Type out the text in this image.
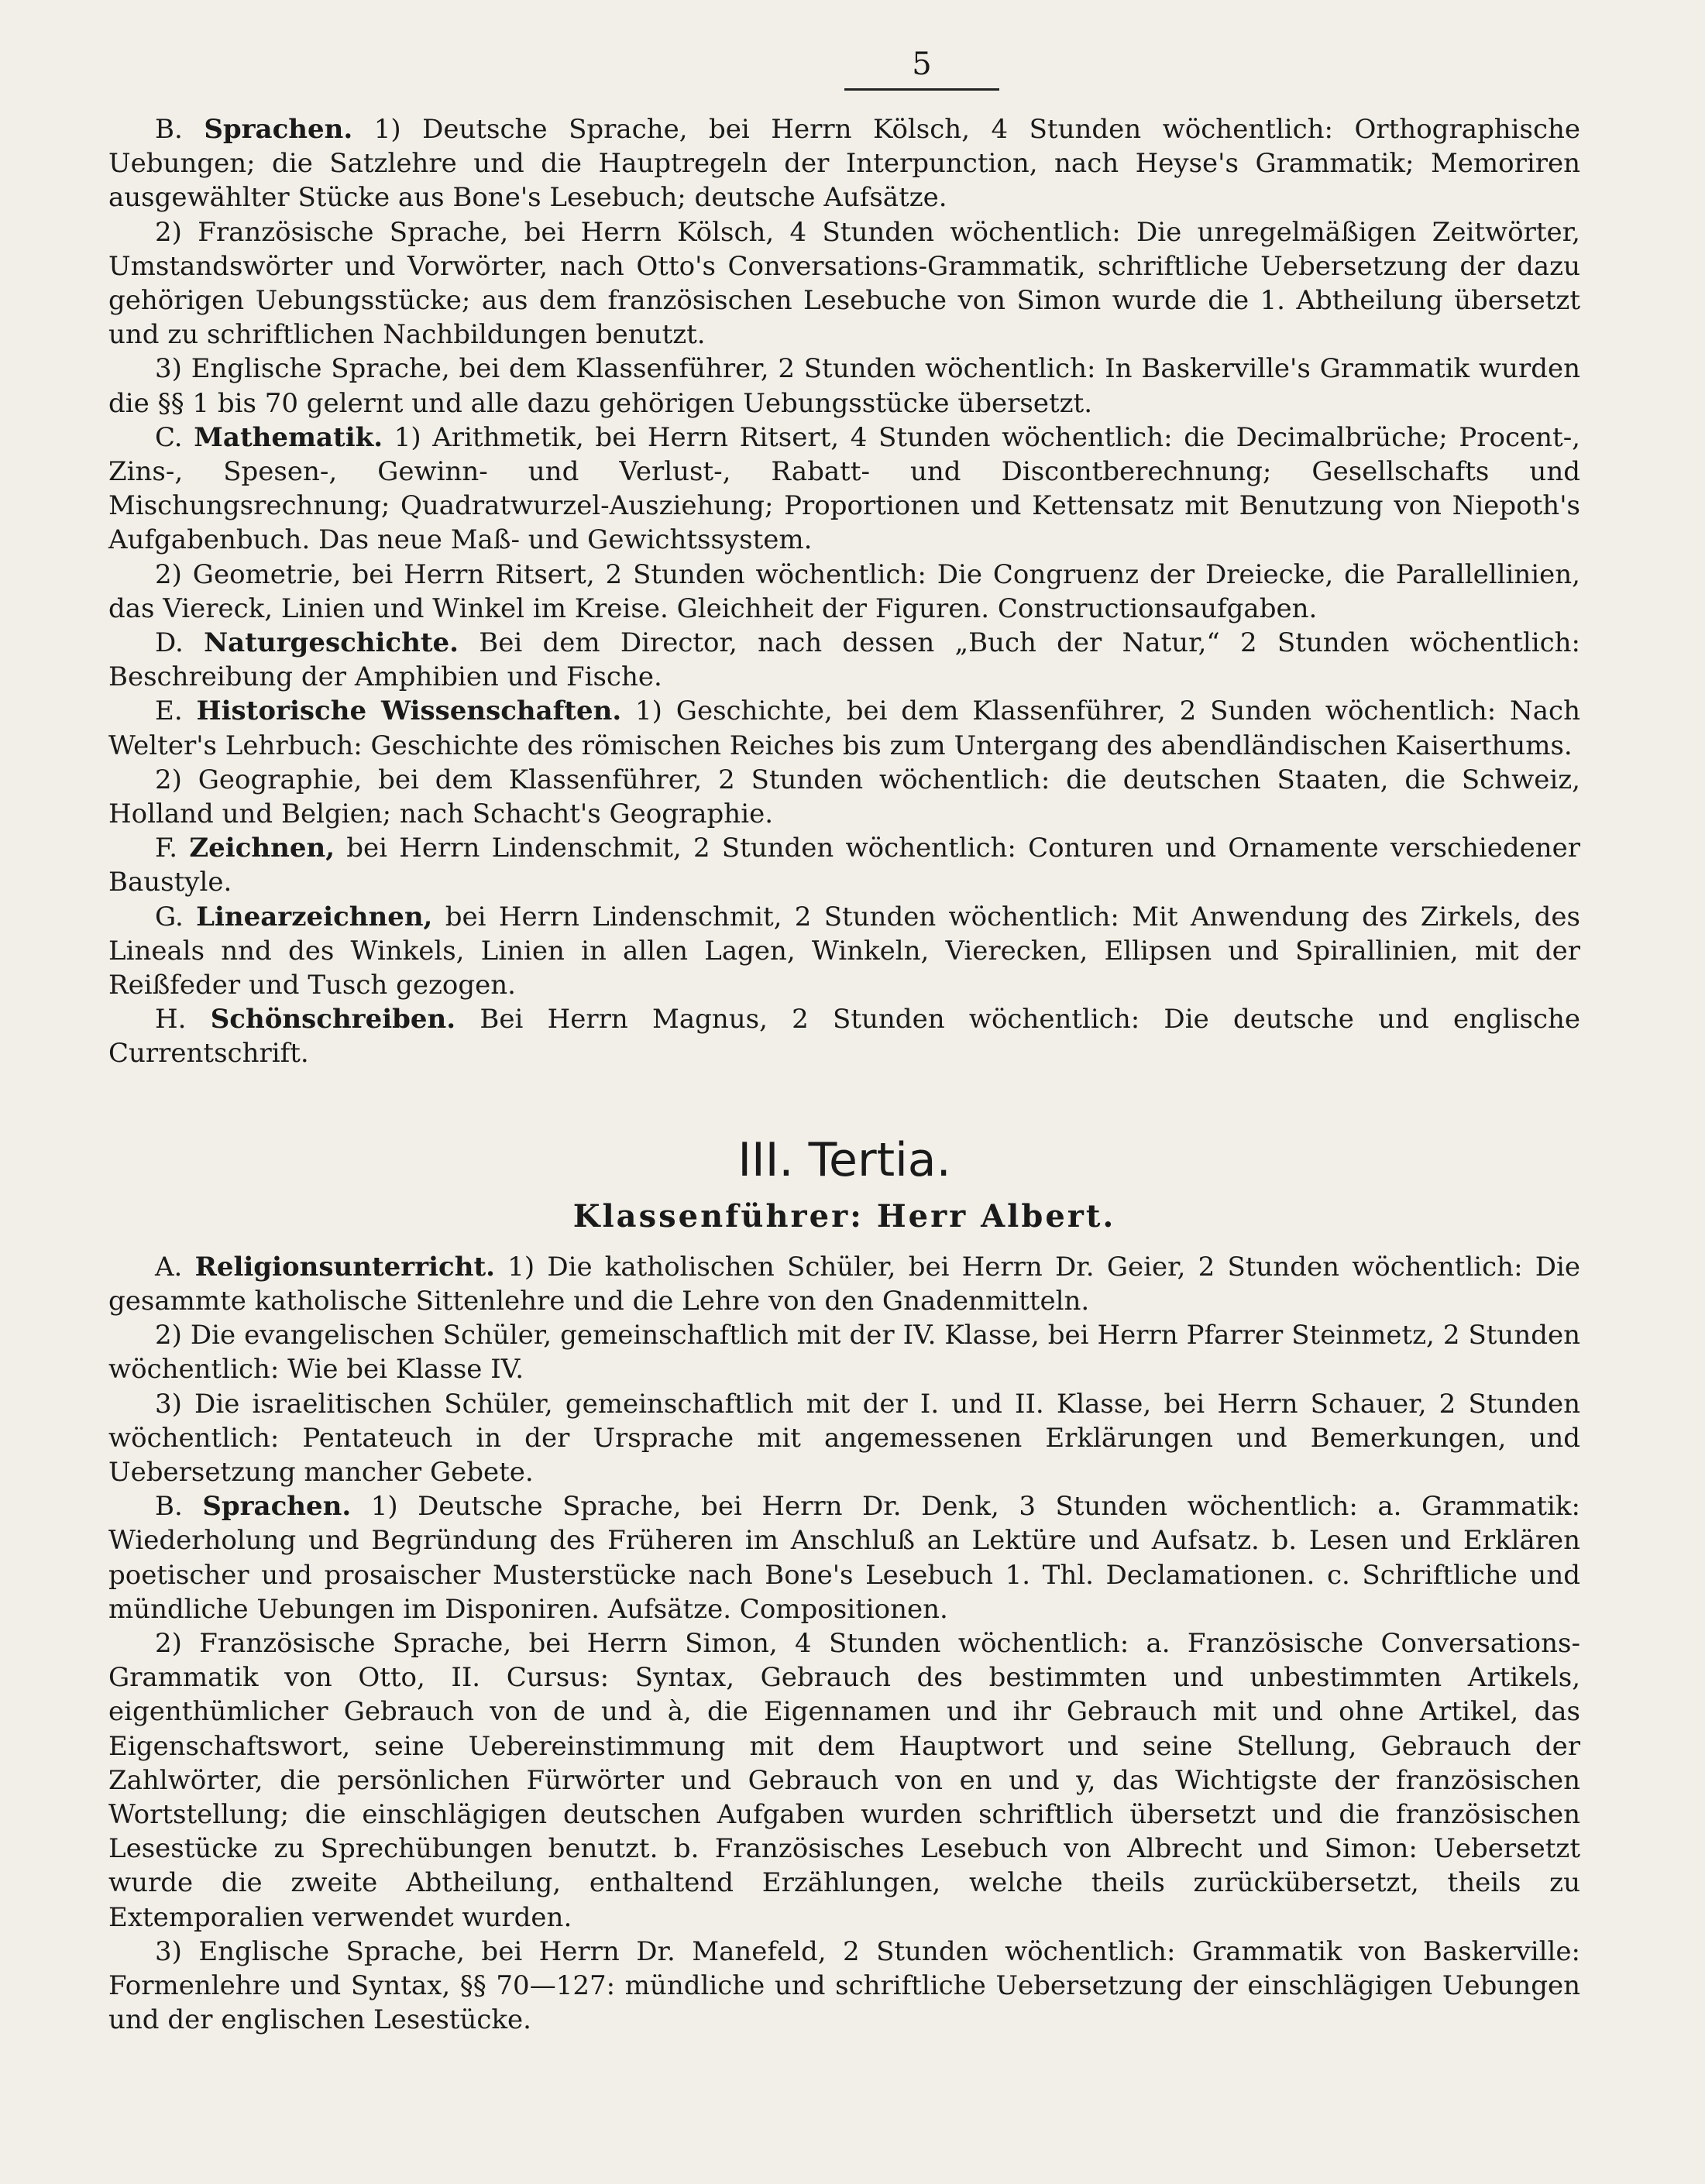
5

B. Sprachen. 1) Deutsche Sprache, bei Herrn Kölsch, 4 Stunden wöchentlich: Orthographische Uebungen; die Satzlehre und die Hauptregeln der Interpunction, nach Heyse's Grammatik; Memoriren ausgewählter Stücke aus Bone's Lesebuch; deutsche Aufsätze.

2) Französische Sprache, bei Herrn Kölsch, 4 Stunden wöchentlich: Die unregelmäßigen Zeitwörter, Umstandswörter und Vorwörter, nach Otto's Conversations-Grammatik, schriftliche Uebersetzung der dazu gehörigen Uebungsstücke; aus dem französischen Lesebuche von Simon wurde die 1. Abtheilung übersetzt und zu schriftlichen Nachbildungen benutzt.

3) Englische Sprache, bei dem Klassenführer, 2 Stunden wöchentlich: In Baskerville's Grammatik wurden die §§ 1 bis 70 gelernt und alle dazu gehörigen Uebungsstücke übersetzt.

C. Mathematik. 1) Arithmetik, bei Herrn Ritsert, 4 Stunden wöchentlich: die Decimalbrüche; Procent-, Zins-, Spesen-, Gewinn- und Verlust-, Rabatt- und Discontberechnung; Gesellschafts und Mischungsrechnung; Quadratwurzel-Ausziehung; Proportionen und Kettensatz mit Benutzung von Niepoth's Aufgabenbuch. Das neue Maß- und Gewichtssystem.

2) Geometrie, bei Herrn Ritsert, 2 Stunden wöchentlich: Die Congruenz der Dreiecke, die Parallellinien, das Viereck, Linien und Winkel im Kreise. Gleichheit der Figuren. Constructionsaufgaben.

D. Naturgeschichte. Bei dem Director, nach dessen „Buch der Natur,“ 2 Stunden wöchentlich: Beschreibung der Amphibien und Fische.

E. Historische Wissenschaften. 1) Geschichte, bei dem Klassenführer, 2 Sunden wöchentlich: Nach Welter's Lehrbuch: Geschichte des römischen Reiches bis zum Untergang des abendländischen Kaiserthums.

2) Geographie, bei dem Klassenführer, 2 Stunden wöchentlich: die deutschen Staaten, die Schweiz, Holland und Belgien; nach Schacht's Geographie.

F. Zeichnen, bei Herrn Lindenschmit, 2 Stunden wöchentlich: Conturen und Ornamente verschiedener Baustyle.

G. Linearzeichnen, bei Herrn Lindenschmit, 2 Stunden wöchentlich: Mit Anwendung des Zirkels, des Lineals nnd des Winkels, Linien in allen Lagen, Winkeln, Vierecken, Ellipsen und Spirallinien, mit der Reißfeder und Tusch gezogen.

H. Schönschreiben. Bei Herrn Magnus, 2 Stunden wöchentlich: Die deutsche und englische Currentschrift.

III. Tertia.
Klassenführer: Herr Albert.

A. Religionsunterricht. 1) Die katholischen Schüler, bei Herrn Dr. Geier, 2 Stunden wöchentlich: Die gesammte katholische Sittenlehre und die Lehre von den Gnadenmitteln.

2) Die evangelischen Schüler, gemeinschaftlich mit der IV. Klasse, bei Herrn Pfarrer Steinmetz, 2 Stunden wöchentlich: Wie bei Klasse IV.

3) Die israelitischen Schüler, gemeinschaftlich mit der I. und II. Klasse, bei Herrn Schauer, 2 Stunden wöchentlich: Pentateuch in der Ursprache mit angemessenen Erklärungen und Bemerkungen, und Uebersetzung mancher Gebete.

B. Sprachen. 1) Deutsche Sprache, bei Herrn Dr. Denk, 3 Stunden wöchentlich: a. Grammatik: Wiederholung und Begründung des Früheren im Anschluß an Lektüre und Aufsatz. b. Lesen und Erklären poetischer und prosaischer Musterstücke nach Bone's Lesebuch 1. Thl. Declamationen. c. Schriftliche und mündliche Uebungen im Disponiren. Aufsätze. Compositionen.

2) Französische Sprache, bei Herrn Simon, 4 Stunden wöchentlich: a. Französische Conversations-Grammatik von Otto, II. Cursus: Syntax, Gebrauch des bestimmten und unbestimmten Artikels, eigenthümlicher Gebrauch von de und à, die Eigennamen und ihr Gebrauch mit und ohne Artikel, das Eigenschaftswort, seine Uebereinstimmung mit dem Hauptwort und seine Stellung, Gebrauch der Zahlwörter, die persönlichen Fürwörter und Gebrauch von en und y, das Wichtigste der französischen Wortstellung; die einschlägigen deutschen Aufgaben wurden schriftlich übersetzt und die französischen Lesestücke zu Sprechübungen benutzt. b. Französisches Lesebuch von Albrecht und Simon: Uebersetzt wurde die zweite Abtheilung, enthaltend Erzählungen, welche theils zurückübersetzt, theils zu Extemporalien verwendet wurden.

3) Englische Sprache, bei Herrn Dr. Manefeld, 2 Stunden wöchentlich: Grammatik von Baskerville: Formenlehre und Syntax, §§ 70—127: mündliche und schriftliche Uebersetzung der einschlägigen Uebungen und der englischen Lesestücke.
